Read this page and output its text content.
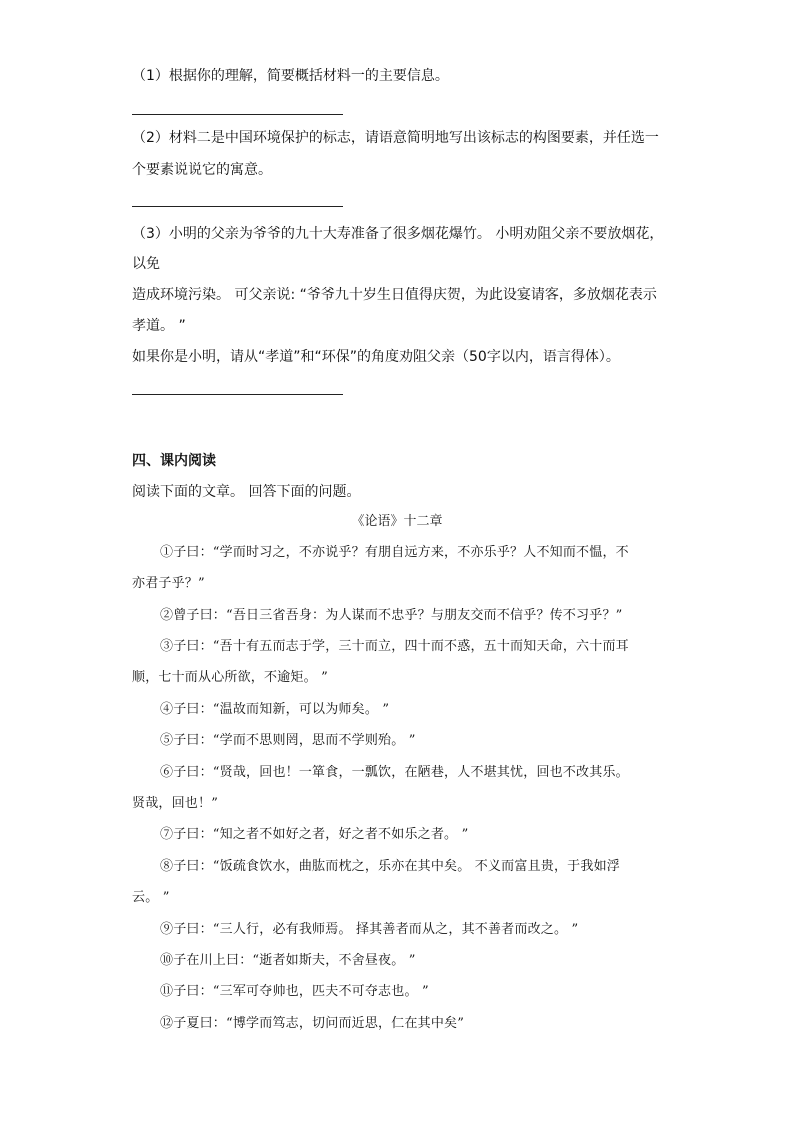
（1）根据你的理解，简要概括材料一的主要信息。
（2）材料二是中国环境保护的标志，请语意简明地写出该标志的构图要素，并任选一
个要素说说它的寓意。
（3）小明的父亲为爷爷的九十大寿准备了很多烟花爆竹。 小明劝阻父亲不要放烟花，
以免
造成环境污染。 可父亲说: “爷爷九十岁生日值得庆贺，为此设宴请客，多放烟花表示
孝道。 ”
如果你是小明，请从“孝道”和“环保”的角度劝阻父亲（50字以内，语言得体）。
四、课内阅读
阅读下面的文章。 回答下面的问题。
《论语》十二章
①子曰：“学而时习之，不亦说乎？有朋自远方来，不亦乐乎？人不知而不愠，不
亦君子乎？”
②曾子曰：“吾日三省吾身：为人谋而不忠乎？与朋友交而不信乎？传不习乎？”
③子曰：“吾十有五而志于学，三十而立，四十而不惑，五十而知天命，六十而耳
顺，七十而从心所欲，不逾矩。 ”
④子曰：“温故而知新，可以为师矣。 ”
⑤子曰：“学而不思则罔，思而不学则殆。 ”
⑥子曰：“贤哉，回也！一箪食，一瓢饮，在陋巷，人不堪其忧，回也不改其乐。
贤哉，回也！”
⑦子曰：“知之者不如好之者，好之者不如乐之者。 ”
⑧子曰：“饭疏食饮水，曲肱而枕之，乐亦在其中矣。 不义而富且贵，于我如浮
云。 ”
⑨子曰：“三人行，必有我师焉。 择其善者而从之，其不善者而改之。 ”
⑩子在川上曰：“逝者如斯夫，不舍昼夜。 ”
⑪子曰：“三军可夺帅也，匹夫不可夺志也。 ”
⑫子夏曰：“博学而笃志，切问而近思，仁在其中矣”
